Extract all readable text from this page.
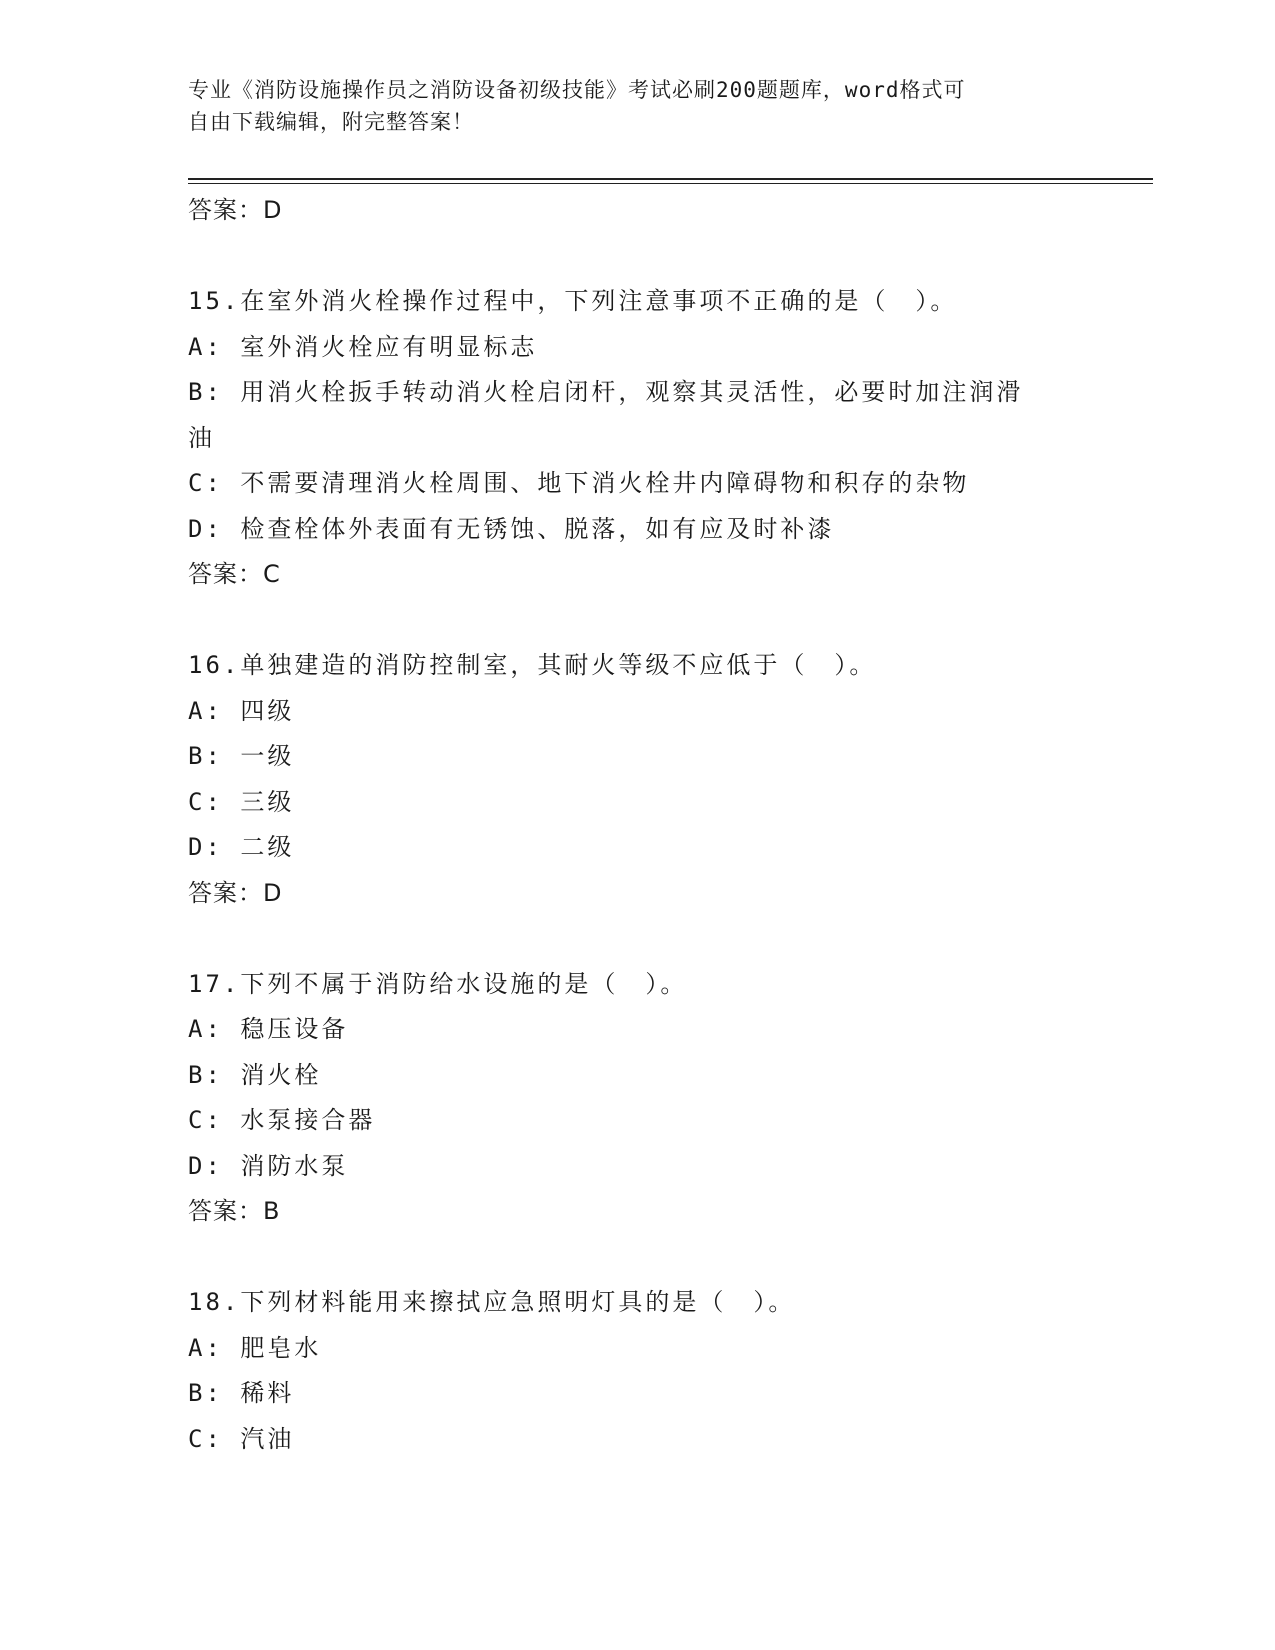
专业《消防设施操作员之消防设备初级技能》考试必刷200题题库，word格式可
自由下载编辑，附完整答案！
答案：D
15.在室外消火栓操作过程中，下列注意事项不正确的是（　）。
A: 室外消火栓应有明显标志
B: 用消火栓扳手转动消火栓启闭杆，观察其灵活性，必要时加注润滑
油
C: 不需要清理消火栓周围、地下消火栓井内障碍物和积存的杂物
D: 检查栓体外表面有无锈蚀、脱落，如有应及时补漆
答案：C
16.单独建造的消防控制室，其耐火等级不应低于（　）。
A: 四级
B: 一级
C: 三级
D: 二级
答案：D
17.下列不属于消防给水设施的是（　）。
A: 稳压设备
B: 消火栓
C: 水泵接合器
D: 消防水泵
答案：B
18.下列材料能用来擦拭应急照明灯具的是（　）。
A: 肥皂水
B: 稀料
C: 汽油
